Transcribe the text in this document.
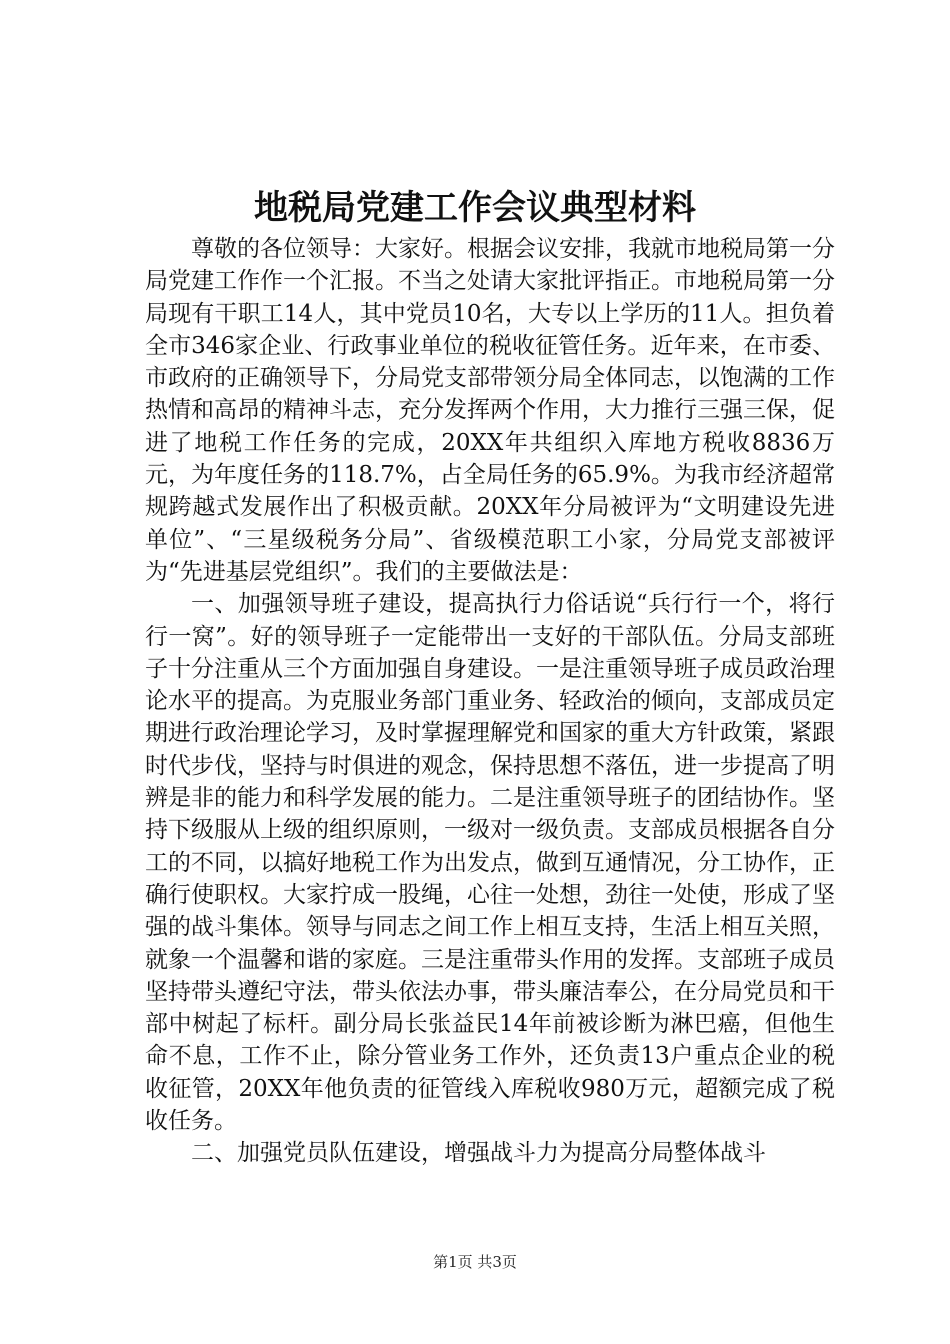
地税局党建工作会议典型材料

尊敬的各位领导：大家好。根据会议安排，我就市地税局第一分局党建工作作一个汇报。不当之处请大家批评指正。市地税局第一分局现有干职工14人，其中党员10名，大专以上学历的11人。担负着全市346家企业、行政事业单位的税收征管任务。近年来，在市委、市政府的正确领导下，分局党支部带领分局全体同志，以饱满的工作热情和高昂的精神斗志，充分发挥两个作用，大力推行三强三保，促进了地税工作任务的完成，20XX年共组织入库地方税收8836万元，为年度任务的118.7%，占全局任务的65.9%。为我市经济超常规跨越式发展作出了积极贡献。20XX年分局被评为“文明建设先进单位”、“三星级税务分局”、省级模范职工小家，分局党支部被评为“先进基层党组织”。我们的主要做法是：

一、加强领导班子建设，提高执行力俗话说“兵行行一个，将行行一窝”。好的领导班子一定能带出一支好的干部队伍。分局支部班子十分注重从三个方面加强自身建设。一是注重领导班子成员政治理论水平的提高。为克服业务部门重业务、轻政治的倾向，支部成员定期进行政治理论学习，及时掌握理解党和国家的重大方针政策，紧跟时代步伐，坚持与时俱进的观念，保持思想不落伍，进一步提高了明辨是非的能力和科学发展的能力。二是注重领导班子的团结协作。坚持下级服从上级的组织原则，一级对一级负责。支部成员根据各自分工的不同，以搞好地税工作为出发点，做到互通情况，分工协作，正确行使职权。大家拧成一股绳，心往一处想，劲往一处使，形成了坚强的战斗集体。领导与同志之间工作上相互支持，生活上相互关照，就象一个温馨和谐的家庭。三是注重带头作用的发挥。支部班子成员坚持带头遵纪守法，带头依法办事，带头廉洁奉公，在分局党员和干部中树起了标杆。副分局长张益民14年前被诊断为淋巴癌，但他生命不息，工作不止，除分管业务工作外，还负责13户重点企业的税收征管，20XX年他负责的征管线入库税收980万元，超额完成了税收任务。

二、加强党员队伍建设，增强战斗力为提高分局整体战斗

第1页 共3页
